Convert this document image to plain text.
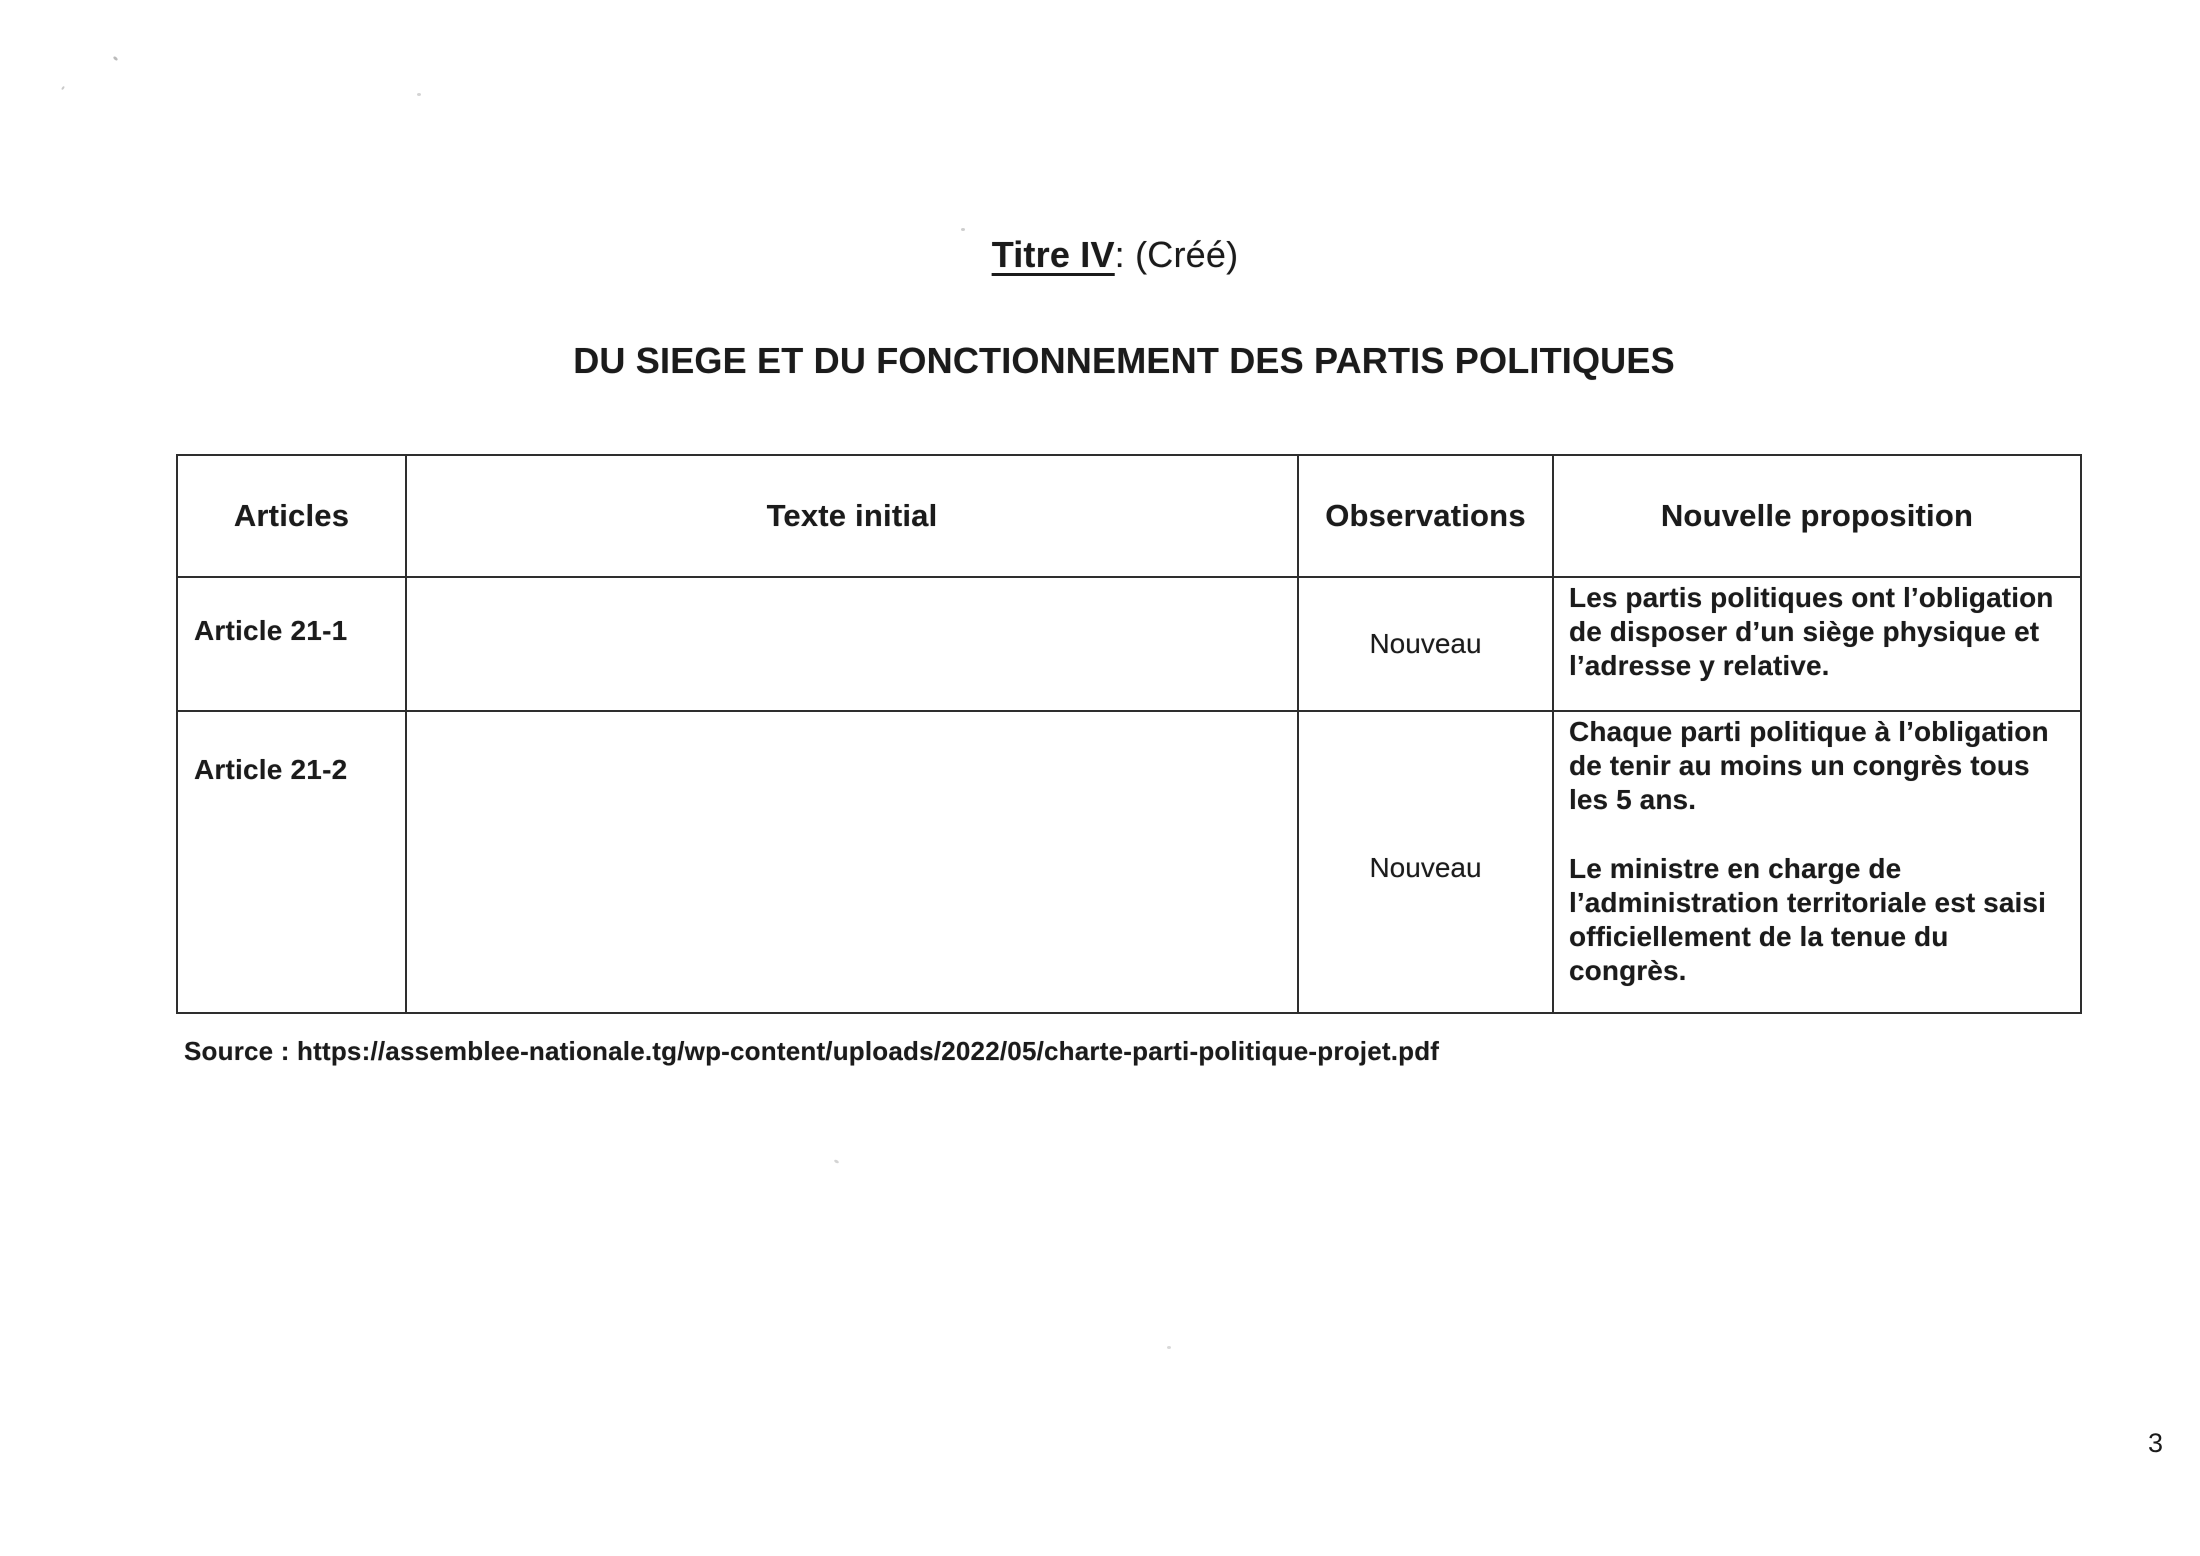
Titre IV: (Créé)
DU SIEGE ET DU FONCTIONNEMENT DES PARTIS POLITIQUES
Articles	Texte initial	Observations	Nouvelle proposition
Article 21-1		Nouveau	Les partis politiques ont l’obligation de disposer d’un siège physique et l’adresse y relative.

Article 21-2		Nouveau	Chaque parti politique à l’obligation de tenir au moins un congrès tous les 5 ans.

Le ministre en charge de l’administration territoriale est saisi officiellement de la tenue du congrès.

Source : https://assemblee-nationale.tg/wp-content/uploads/2022/05/charte-parti-politique-projet.pdf
3
